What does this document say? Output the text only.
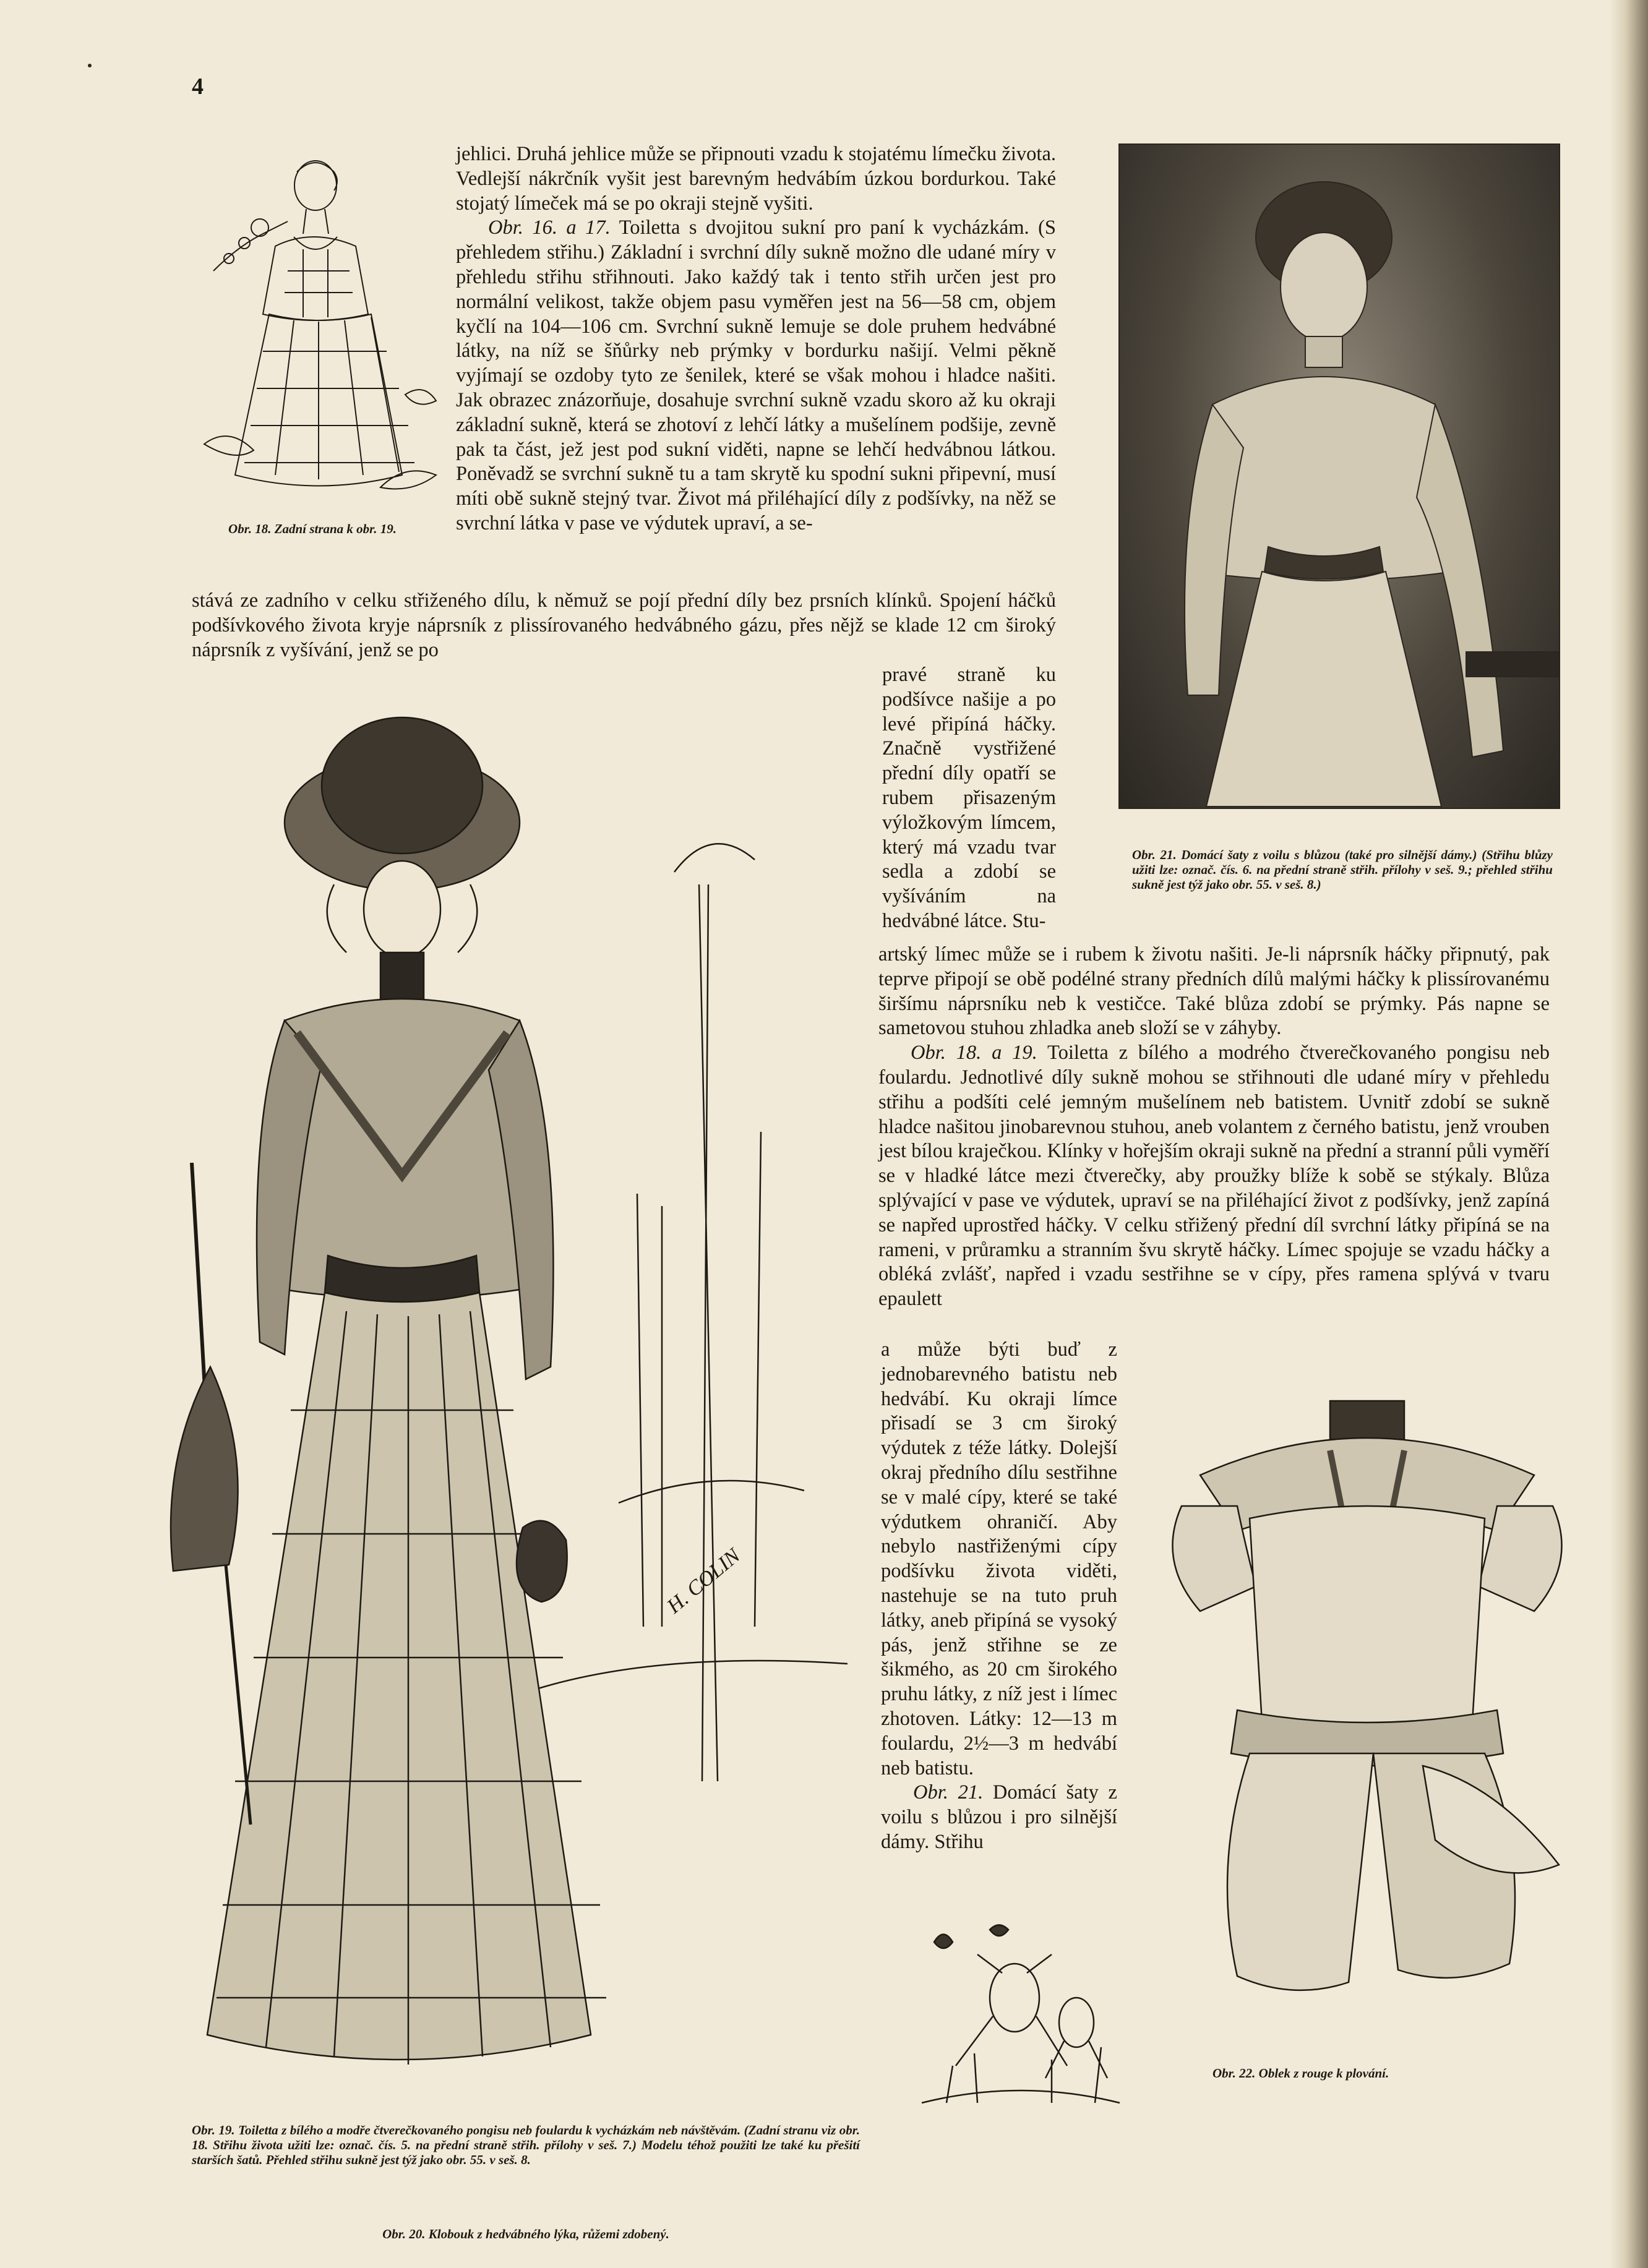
4
Obr. 18. Zadní strana k obr. 19.

jehlici. Druhá jehlice může se připnouti vzadu k stojatému límečku života. Vedlejší nákrčník vyšit jest barevným hedvábím úzkou bordurkou. Také stojatý límeček má se po okraji stejně vyšiti.

Obr. 16. a 17. Toiletta s dvojitou sukní pro paní k vycházkám. (S přehledem střihu.) Základní i svrchní díly sukně možno dle udané míry v přehledu střihu střihnouti. Jako každý tak i tento střih určen jest pro normální velikost, takže objem pasu vyměřen jest na 56—58 cm, objem kyčlí na 104—106 cm. Svrchní sukně lemuje se dole pruhem hedvábné látky, na níž se šňůrky neb prýmky v bordurku našijí. Velmi pěkně vyjímají se ozdoby tyto ze šenilek, které se však mohou i hladce našiti. Jak obrazec znázorňuje, dosahuje svrchní sukně vzadu skoro až ku okraji základní sukně, která se zhotoví z lehčí látky a mušelínem podšije, zevně pak ta část, jež jest pod sukní viděti, napne se lehčí hedvábnou látkou. Poněvadž se svrchní sukně tu a tam skrytě ku spodní sukni připevní, musí míti obě sukně stejný tvar. Život má přiléhající díly z podšívky, na něž se svrchní látka v pase ve výdutek upraví, a se-

stává ze zadního v celku střiženého dílu, k němuž se pojí přední díly bez prsních klínků. Spojení háčků podšívkového života kryje náprsník z plissírovaného hedvábného gázu, přes nějž se klade 12 cm široký náprsník z vyšívání, jenž se po
pravé straně ku podšívce našije a po levé připíná háčky. Značně vystřižené přední díly opatří se rubem přisazeným výložkovým límcem, který má vzadu tvar sedla a zdobí se vyšíváním na hedvábné látce. Stu-
H. COLIN
Obr. 21. Domácí šaty z voilu s blůzou (také pro silnější dámy.) (Střihu blůzy užiti lze: označ. čís. 6. na přední straně střih. přílohy v seš. 9.; přehled střihu sukně jest týž jako obr. 55. v seš. 8.)

artský límec může se i rubem k životu našiti. Je-li náprsník háčky připnutý, pak teprve připojí se obě podélné strany předních dílů malými háčky k plissírovanému širšímu náprsníku neb k vestičce. Také blůza zdobí se prýmky. Pás napne se sametovou stuhou zhladka aneb složí se v záhyby.

Obr. 18. a 19. Toiletta z bílého a modrého čtverečkovaného pongisu neb foulardu. Jednotlivé díly sukně mohou se střihnouti dle udané míry v přehledu střihu a podšíti celé jemným mušelínem neb batistem. Uvnitř zdobí se sukně hladce našitou jinobarevnou stuhou, aneb volantem z černého batistu, jenž vrouben jest bílou kraječkou. Klínky v hořejším okraji sukně na přední a stranní půli vyměří se v hladké látce mezi čtverečky, aby proužky blíže k sobě se stýkaly. Blůza splývající v pase ve výdutek, upraví se na přiléhající život z podšívky, jenž zapíná se napřed uprostřed háčky. V celku střižený přední díl svrchní látky připíná se na rameni, v průramku a stranním švu skrytě háčky. Límec spojuje se vzadu háčky a obléká zvlášť, napřed i vzadu sestřihne se v cípy, přes ramena splývá v tvaru epaulett

a může býti buď z jednobarevného batistu neb hedvábí. Ku okraji límce přisadí se 3 cm široký výdutek z téže látky. Dolejší okraj předního dílu sestřihne se v malé cípy, které se také výdutkem ohraničí. Aby nebylo nastřiženými cípy podšívku života viděti, nastehuje se na tuto pruh látky, aneb připíná se vysoký pás, jenž střihne se ze šikmého, as 20 cm širokého pruhu látky, z níž jest i límec zhotoven. Látky: 12—13 m foulardu, 2½—3 m hedvábí neb batistu.

Obr. 21. Domácí šaty z voilu s blůzou i pro silnější dámy. Střihu

Obr. 22. Oblek z rouge k plování.
Obr. 19. Toiletta z bílého a modře čtverečkovaného pongisu neb foulardu k vycházkám neb návštěvám. (Zadní stranu viz obr. 18. Střihu života užiti lze: označ. čís. 5. na přední straně střih. přílohy v seš. 7.) Modelu téhož použiti lze také ku přešití starších šatů. Přehled střihu sukně jest týž jako obr. 55. v seš. 8.
Obr. 20. Klobouk z hedvábného lýka, růžemi zdobený.
